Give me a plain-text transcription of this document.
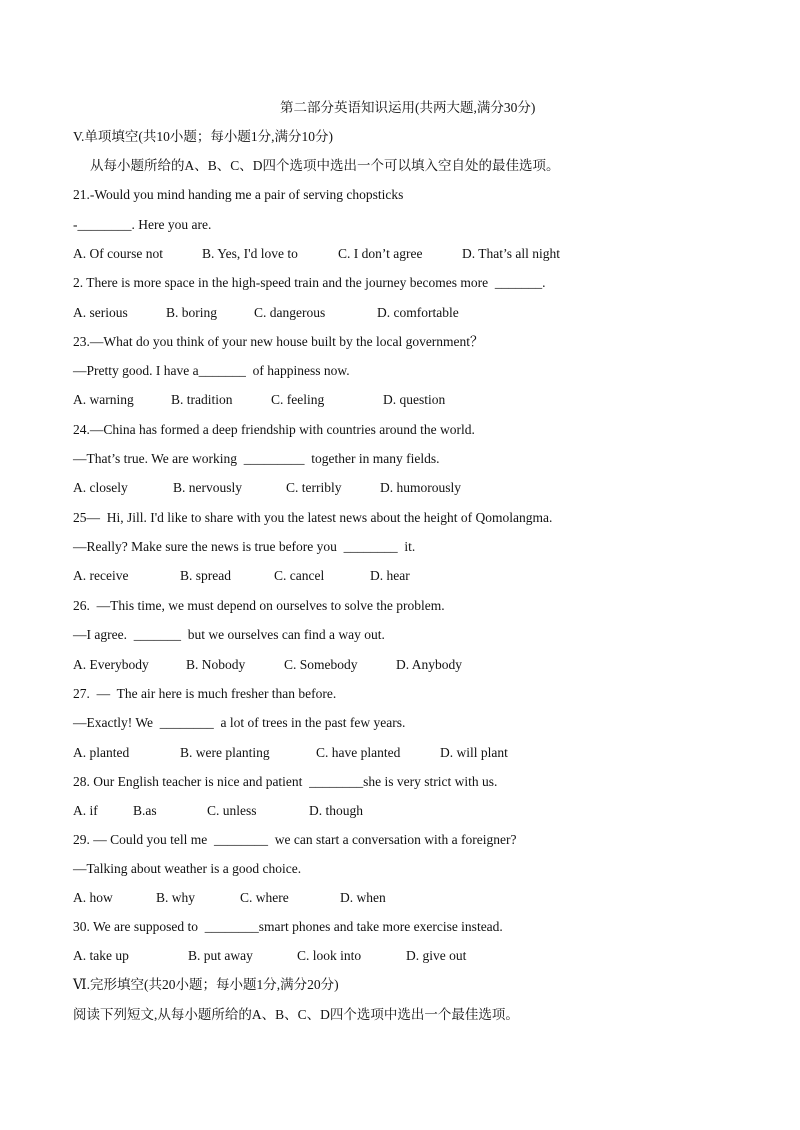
第二部分英语知识运用(共两大题,满分30分)
V.单项填空(共10小题；每小题1分,满分10分)
从每小题所给的A、B、C、D四个选项中选出一个可以填入空自处的最佳选项。
21.-Would you mind handing me a pair of serving chopsticks
-________. Here you are.
A. Of course not	B. Yes, I'd love to	C. I don’t agree	D. That’s all night
2. There is more space in the high-speed train and the journey becomes more  _______.
A. serious	B. boring	C. dangerous	D. comfortable
23.—What do you think of your new house built by the local government？
—Pretty good. I have a_______  of happiness now.
A. warning	B. tradition	C. feeling	D. question
24.—China has formed a deep friendship with countries around the world.
—That’s true. We are working  _________  together in many fields.
A. closely	B. nervously	C. terribly	D. humorously
25—  Hi, Jill. I'd like to share with you the latest news about the height of Qomolangma.
—Really? Make sure the news is true before you  ________  it.
A. receive	B. spread	C. cancel	D. hear
26.  —This time, we must depend on ourselves to solve the problem.
—I agree.  _______  but we ourselves can find a way out.
A. Everybody	B. Nobody	C. Somebody	D. Anybody
27.  —  The air here is much fresher than before.
—Exactly! We  ________  a lot of trees in the past few years.
A. planted	B. were planting	C. have planted	D. will plant
28. Our English teacher is nice and patient  ________she is very strict with us.
A. if	B.as	C. unless	D. though
29. — Could you tell me  ________  we can start a conversation with a foreigner?
—Talking about weather is a good choice.
A. how	B. why	C. where	D. when
30. We are supposed to  ________smart phones and take more exercise instead.
A. take up	B. put away	C. look into	D. give out
Ⅵ.完形填空(共20小题；每小题1分,满分20分)
阅读下列短文,从每小题所给的A、B、C、D四个选项中选出一个最佳选项。
